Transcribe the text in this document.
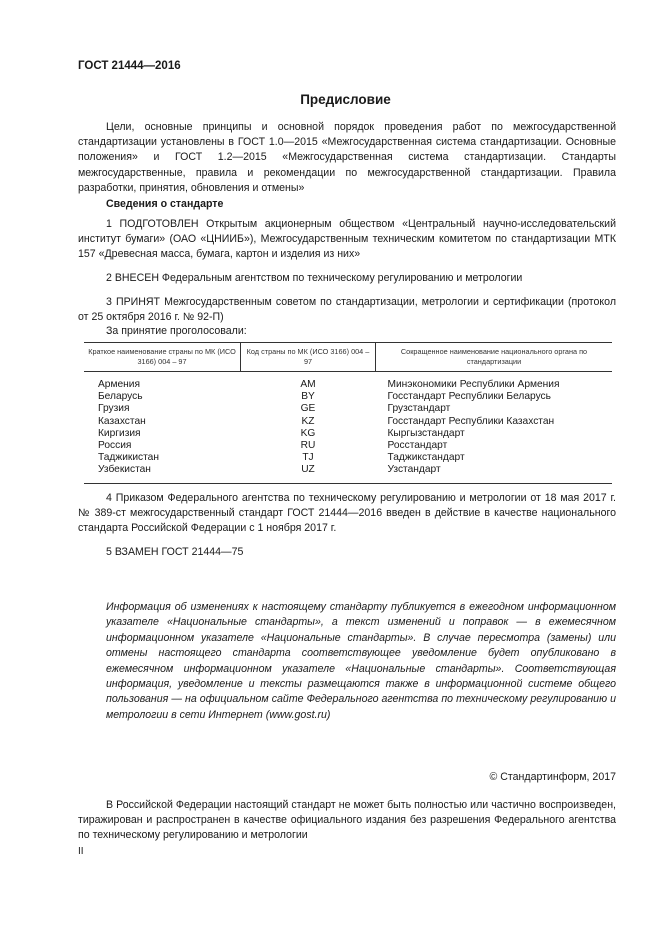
ГОСТ 21444—2016
Предисловие

Цели, основные принципы и основной порядок проведения работ по межгосударственной стандартизации установлены в ГОСТ 1.0—2015 «Межгосударственная система стандартизации. Основные положения» и ГОСТ 1.2—2015 «Межгосударственная система стандартизации. Стандарты межгосударственные, правила и рекомендации по межгосударственной стандартизации. Правила разработки, принятия, обновления и отмены»

Сведения о стандарте

1 ПОДГОТОВЛЕН Открытым акционерным обществом «Центральный научно-исследовательский институт бумаги» (ОАО «ЦНИИБ»), Межгосударственным техническим комитетом по стандартизации МТК 157 «Древесная масса, бумага, картон и изделия из них»

2 ВНЕСЕН Федеральным агентством по техническому регулированию и метрологии

3 ПРИНЯТ Межгосударственным советом по стандартизации, метрологии и сертификации (протокол от 25 октября 2016 г. № 92-П)

За принятие проголосовали:
Краткое наименование страны по МК (ИСО 3166) 004 – 97	Код страны по МК (ИСО 3166) 004 – 97	Сокращенное наименование национального органа по стандартизации
Армения	AM	Минэкономики Республики Армения
Беларусь	BY	Госстандарт Республики Беларусь
Грузия	GE	Грузстандарт
Казахстан	KZ	Госстандарт Республики Казахстан
Киргизия	KG	Кыргызстандарт
Россия	RU	Росстандарт
Таджикистан	TJ	Таджикстандарт
Узбекистан	UZ	Узстандарт

4 Приказом Федерального агентства по техническому регулированию и метрологии от 18 мая 2017 г. № 389-ст межгосударственный стандарт ГОСТ 21444—2016 введен в действие в качестве национального стандарта Российской Федерации с 1 ноября 2017 г.

5 ВЗАМЕН ГОСТ 21444—75

Информация об изменениях к настоящему стандарту публикуется в ежегодном информационном указателе «Национальные стандарты», а текст изменений и поправок — в ежемесячном информационном указателе «Национальные стандарты». В случае пересмотра (замены) или отмены настоящего стандарта соответствующее уведомление будет опубликовано в ежемесячном информационном указателе «Национальные стандарты». Соответствующая информация, уведомление и тексты размещаются также в информационной системе общего пользования — на официальном сайте Федерального агентства по техническому регулированию и метрологии в сети Интернет (www.gost.ru)

© Стандартинформ, 2017

В Российской Федерации настоящий стандарт не может быть полностью или частично воспроизведен, тиражирован и распространен в качестве официального издания без разрешения Федерального агентства по техническому регулированию и метрологии

II
